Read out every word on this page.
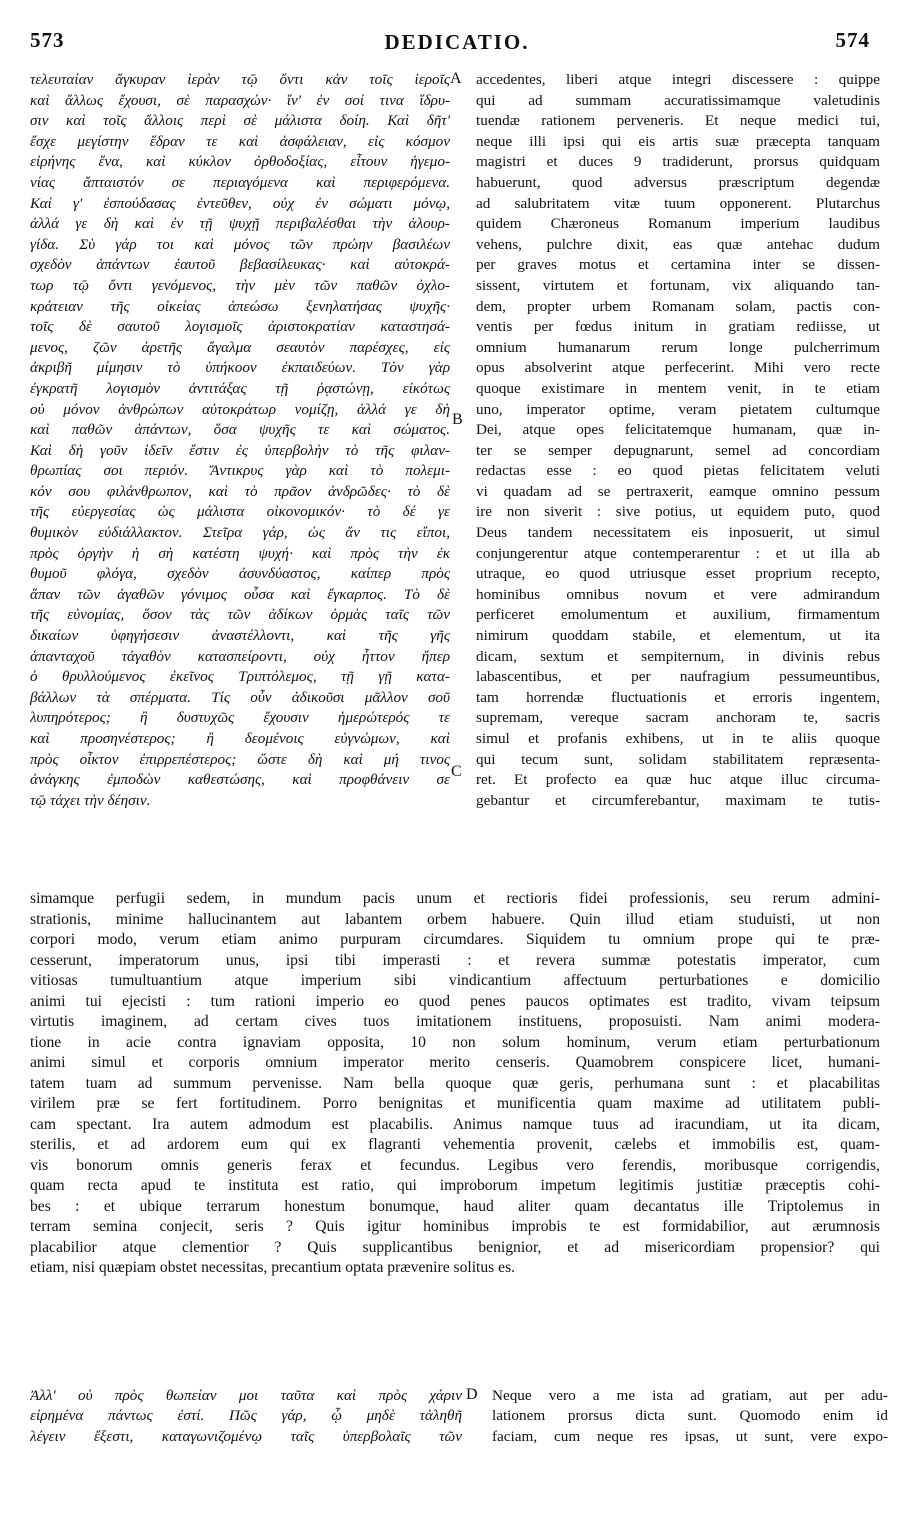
573	DEDICATIO.	574
A
B
C
D
τελευταίαν ἄγκυραν ἱερὰν τῷ ὄντι κἀν τοῖς ἱεροῖς
καὶ ἄλλως ἔχουσι, σὲ παρασχών· ἵν' ἐν σοί τινα ἵδρυ-
σιν καὶ τοῖς ἄλλοις περὶ σὲ μάλιστα δοίη. Καὶ δῆτ'
ἔσχε μεγίστην ἕδραν τε καὶ ἀσφάλειαν, εἰς κόσμον
εἰρήνης ἕνα, καὶ κύκλον ὀρθοδοξίας, εἶτουν ἡγεμο-
νίας ἄπταιστόν σε περιαγόμενα καὶ περιφερόμενα.
Καί γ' ἐσπούδασας ἐντεῦθεν, οὐχ ἐν σώματι μόνῳ,
ἀλλά γε δὴ καὶ ἐν τῇ ψυχῇ περιβαλέσθαι τὴν ἁλουρ-
γίδα. Σὺ γάρ τοι καὶ μόνος τῶν πρώην βασιλέων
σχεδὸν ἁπάντων ἑαυτοῦ βεβασίλευκας· καὶ αὐτοκρά-
τωρ τῷ ὄντι γενόμενος, τὴν μὲν τῶν παθῶν ὀχλο-
κράτειαν τῆς οἰκείας ἀπεώσω ξενηλατήσας ψυχῆς·
τοῖς δὲ σαυτοῦ λογισμοῖς ἀριστοκρατίαν καταστησά-
μενος, ζῶν ἀρετῆς ἄγαλμα σεαυτὸν παρέσχες, εἰς
ἀκριβῆ μίμησιν τὸ ὑπήκοον ἐκπαιδεύων. Τὸν γὰρ
ἐγκρατῆ λογισμὸν ἀντιτάξας τῇ ῥᾳστώνῃ, εἰκότως
οὐ μόνον ἀνθρώπων αὐτοκράτωρ νομίζῃ, ἀλλά γε δὴ
καὶ παθῶν ἁπάντων, ὅσα ψυχῆς τε καὶ σώματος.
Καὶ δὴ γοῦν ἰδεῖν ἔστιν ἐς ὑπερβολὴν τὸ τῆς φιλαν-
θρωπίας σοι περιόν. Ἄντικρυς γὰρ καὶ τὸ πολεμι-
κόν σου φιλάνθρωπον, καὶ τὸ πρᾶον ἀνδρῶδες· τὸ δὲ
τῆς εὐεργεσίας ὡς μάλιστα οἰκονομικόν· τὸ δέ γε
θυμικὸν εὐδιάλλακτον. Στεῖρα γάρ, ὡς ἄν τις εἴποι,
πρὸς ὀργὴν ἡ σὴ κατέστη ψυχή· καὶ πρὸς τὴν ἐκ
θυμοῦ φλόγα, σχεδὸν ἀσυνδύαστος, καίπερ πρὸς
ἅπαν τῶν ἀγαθῶν γόνιμος οὖσα καὶ ἔγκαρπος. Τὸ δὲ
τῆς εὐνομίας, ὅσον τὰς τῶν ἀδίκων ὁρμὰς ταῖς τῶν
δικαίων ὑφηγήσεσιν ἀναστέλλοντι, καὶ τῆς γῆς
ἁπανταχοῦ τἀγαθὸν κατασπείροντι, οὐχ ἧττον ἤπερ
ὁ θρυλλούμενος ἐκεῖνος Τριπτόλεμος, τῇ γῇ κατα-
βάλλων τὰ σπέρματα. Τίς οὖν ἀδικοῦσι μᾶλλον σοῦ
λυπηρότερος; ἢ δυστυχῶς ἔχουσιν ἡμερώτερός τε
καὶ προσηνέστερος; ἢ δεομένοις εὐγνώμων, καὶ
πρὸς οἶκτον ἐπιρρεπέστερος; ὥστε δὴ καὶ μή τινος
ἀνάγκης ἐμποδὼν καθεστώσης, καὶ προφθάνειν σε
τῷ τάχει τὴν δέησιν.
accedentes, liberi atque integri discessere : quippe
qui ad summam accuratissimamque valetudinis
tuendæ rationem perveneris. Et neque medici tui,
neque illi ipsi qui eis artis suæ præcepta tanquam
magistri et duces 9 tradiderunt, prorsus quidquam
habuerunt, quod adversus præscriptum degendæ
ad salubritatem vitæ tuum opponerent. Plutarchus
quidem Chæroneus Romanum imperium laudibus
vehens, pulchre dixit, eas quæ antehac dudum
per graves motus et certamina inter se dissen-
sissent, virtutem et fortunam, vix aliquando tan-
dem, propter urbem Romanam solam, pactis con-
ventis per fœdus initum in gratiam rediisse, ut
omnium humanarum rerum longe pulcherrimum
opus absolverint atque perfecerint. Mihi vero recte
quoque existimare in mentem venit, in te etiam
uno, imperator optime, veram pietatem cultumque
Dei, atque opes felicitatemque humanam, quæ in-
ter se semper depugnarunt, semel ad concordiam
redactas esse : eo quod pietas felicitatem veluti
vi quadam ad se pertraxerit, eamque omnino pessum
ire non siverit : sive potius, ut equidem puto, quod
Deus tandem necessitatem eis inposuerit, ut simul
conjungerentur atque contemperarentur : et ut illa ab
utraque, eo quod utriusque esset proprium recepto,
hominibus omnibus novum et vere admirandum
perficeret emolumentum et auxilium, firmamentum
nimirum quoddam stabile, et elementum, ut ita
dicam, sextum et sempiternum, in divinis rebus
labascentibus, et per naufragium pessumeuntibus,
tam horrendæ fluctuationis et erroris ingentem,
supremam, vereque sacram anchoram te, sacris
simul et profanis exhibens, ut in te aliis quoque
qui tecum sunt, solidam stabilitatem repræsenta-
ret. Et profecto ea quæ huc atque illuc circuma-
gebantur et circumferebantur, maximam te tutis-
simamque perfugii sedem, in mundum pacis unum et rectioris fidei professionis, seu rerum admini-
strationis, minime hallucinantem aut labantem orbem habuere. Quin illud etiam studuisti, ut non
corpori modo, verum etiam animo purpuram circumdares. Siquidem tu omnium prope qui te præ-
cesserunt, imperatorum unus, ipsi tibi imperasti : et revera summæ potestatis imperator, cum
vitiosas tumultuantium atque imperium sibi vindicantium affectuum perturbationes e domicilio
animi tui ejecisti : tum rationi imperio eo quod penes paucos optimates est tradito, vivam teipsum
virtutis imaginem, ad certam cives tuos imitationem instituens, proposuisti. Nam animi modera-
tione in acie contra ignaviam opposita, 10 non solum hominum, verum etiam perturbationum
animi simul et corporis omnium imperator merito censeris. Quamobrem conspicere licet, humani-
tatem tuam ad summum pervenisse. Nam bella quoque quæ geris, perhumana sunt : et placabilitas
virilem præ se fert fortitudinem. Porro benignitas et munificentia quam maxime ad utilitatem publi-
cam spectant. Ira autem admodum est placabilis. Animus namque tuus ad iracundiam, ut ita dicam,
sterilis, et ad ardorem eum qui ex flagranti vehementia provenit, cælebs et immobilis est, quam-
vis bonorum omnis generis ferax et fecundus. Legibus vero ferendis, moribusque corrigendis,
quam recta apud te instituta est ratio, qui improborum impetum legitimis justitiæ præceptis cohi-
bes : et ubique terrarum honestum bonumque, haud aliter quam decantatus ille Triptolemus in
terram semina conjecit, seris ? Quis igitur hominibus improbis te est formidabilior, aut ærumnosis
placabilior atque clementior ? Quis supplicantibus benignior, et ad misericordiam propensior? qui
etiam, nisi quæpiam obstet necessitas, precantium optata prævenire solitus es.
Ἀλλ' οὐ πρὸς θωπείαν μοι ταῦτα καὶ πρὸς χάριν
εἰρημένα πάντως ἐστί. Πῶς γάρ, ᾧ μηδὲ τἀληθῆ
λέγειν ἔξεστι, καταγωνιζομένῳ ταῖς ὑπερβολαῖς τῶν
Neque vero a me ista ad gratiam, aut per adu-
lationem prorsus dicta sunt. Quomodo enim id
faciam, cum neque res ipsas, ut sunt, vere expo-
